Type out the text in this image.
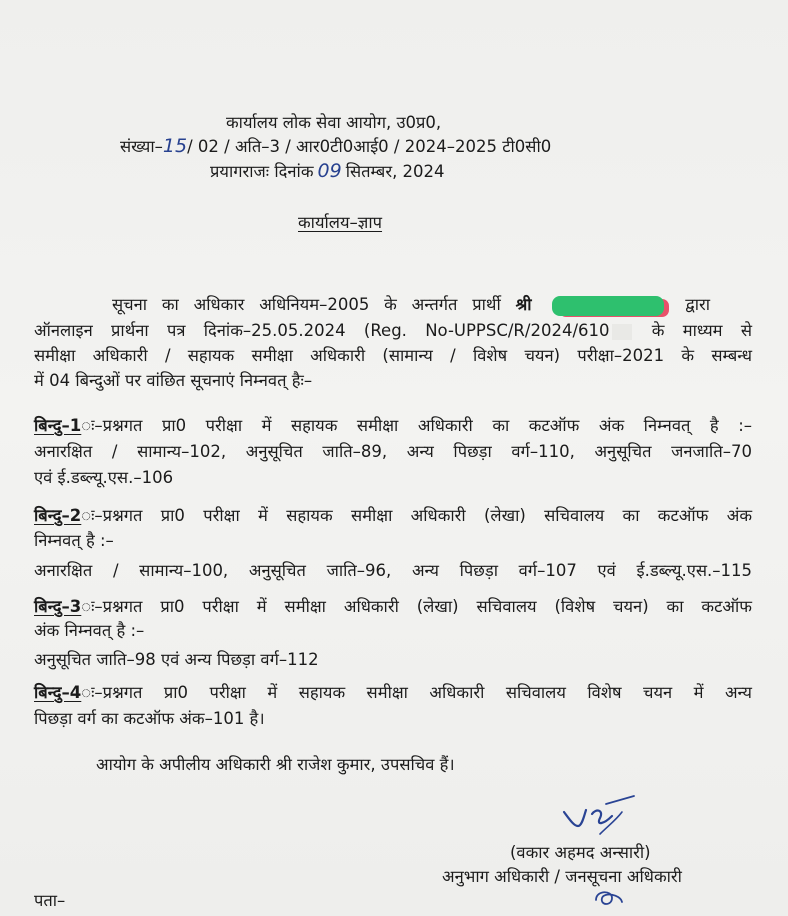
कार्यालय लोक सेवा आयोग, उ0प्र0,
संख्या–15/ 02 / अति–3 / आर0टी0आई0 / 2024–2025 टी0सी0
प्रयागराजः दिनांक 09 सितम्बर, 2024
कार्यालय–ज्ञाप
सूचना का अधिकार अधिनियम–2005 के अन्तर्गत प्रार्थी श्री	द्वारा
ऑनलाइन प्रार्थना पत्र दिनांक–25.05.2024 (Reg. No-UPPSC/R/2024/610	के माध्यम से
समीक्षा अधिकारी / सहायक समीक्षा अधिकारी (सामान्य / विशेष चयन) परीक्षा–2021 के सम्बन्ध
में 04 बिन्दुओं पर वांछित सूचनाएं निम्नवत् हैः–
बिन्दु–1ः–प्रश्नगत प्रा0 परीक्षा में सहायक समीक्षा अधिकारी का कटऑफ अंक निम्नवत् है :–
अनारक्षित / सामान्य–102, अनुसूचित जाति–89, अन्य पिछड़ा वर्ग–110, अनुसूचित जनजाति–70
एवं ई.डब्ल्यू.एस.–106
बिन्दु–2ः–प्रश्नगत प्रा0 परीक्षा में सहायक समीक्षा अधिकारी (लेखा) सचिवालय का कटऑफ अंक
निम्नवत् है :–
अनारक्षित / सामान्य–100, अनुसूचित जाति–96, अन्य पिछड़ा वर्ग–107 एवं ई.डब्ल्यू.एस.–115
बिन्दु–3ः–प्रश्नगत प्रा0 परीक्षा में समीक्षा अधिकारी (लेखा) सचिवालय (विशेष चयन) का कटऑफ
अंक निम्नवत् है :–
अनुसूचित जाति–98 एवं अन्य पिछड़ा वर्ग–112
बिन्दु–4ः–प्रश्नगत प्रा0 परीक्षा में सहायक समीक्षा अधिकारी सचिवालय विशेष चयन में अन्य
पिछड़ा वर्ग का कटऑफ अंक–101 है।
आयोग के अपीलीय अधिकारी श्री राजेश कुमार, उपसचिव हैं।
(वकार अहमद अन्सारी)
अनुभाग अधिकारी / जनसूचना अधिकारी
पता–
